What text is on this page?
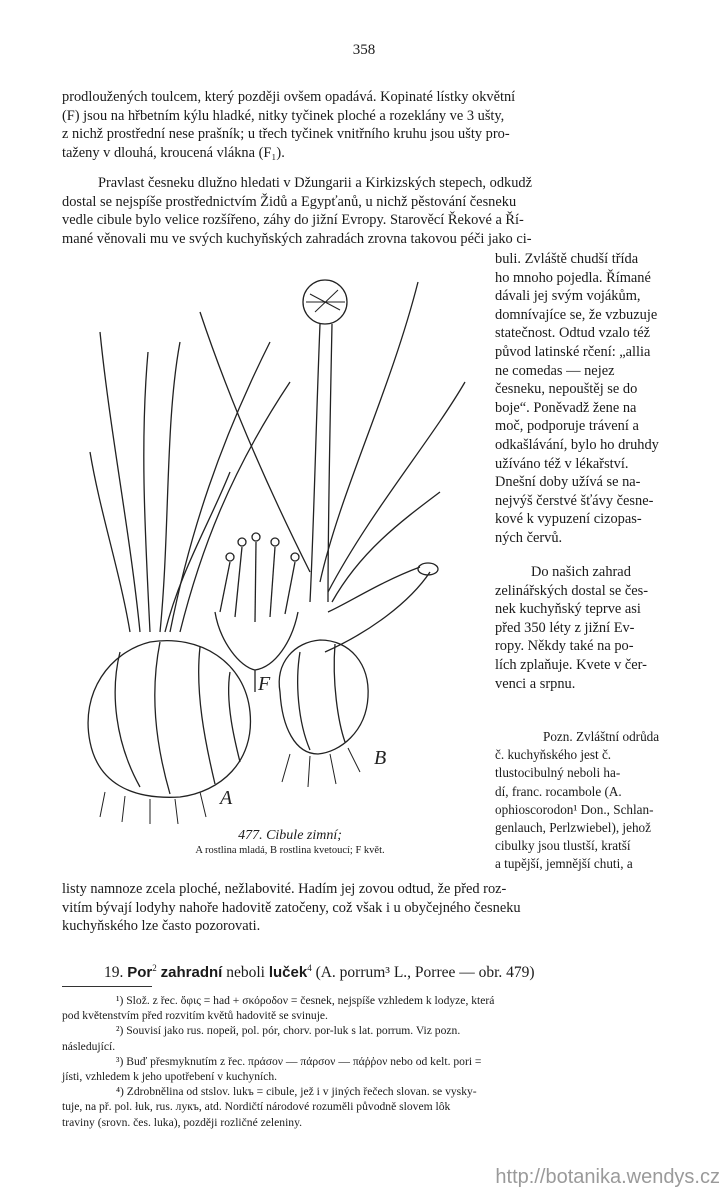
358

prodloužených toulcem, který později ovšem opadává. Kopinaté lístky okvětní

(F) jsou na hřbetním kýlu hladké, nitky tyčinek ploché a rozeklány ve 3 ušty,

z nichž prostřední nese prašník; u třech tyčinek vnitřního kruhu jsou ušty pro-

taženy v dlouhá, kroucená vlákna (F₁).

Pravlast česneku dlužno hledati v Džungarii a Kirkizských stepech, odkudž

dostal se nejspíše prostřednictvím Židů a Egypťanů, u nichž pěstování česneku

vedle cibule bylo velice rozšířeno, záhy do jižní Evropy. Starověcí Řekové a Ří-

mané věnovali mu ve svých kuchyňských zahradách zrovna takovou péči jako ci-

buli. Zvláště chudší třída

ho mnoho pojedla. Římané

dávali jej svým vojákům,

domnívajíce se, že vzbuzuje

statečnost. Odtud vzalo též

původ latinské rčení: „allia

ne comedas — nejez

česneku, nepouštěj se do

boje“. Poněvadž žene na

moč, podporuje trávení a

odkašlávání, bylo ho druhdy

užíváno též v lékařství.

Dnešní doby užívá se na-

nejvýš čerstvé šťávy česne-

kové k vypuzení cizopas-

ných červů.

Do našich zahrad

zelinářských dostal se čes-

nek kuchyňský teprve asi

před 350 léty z jižní Ev-

ropy. Někdy také na po-

lích zplaňuje. Kvete v čer-

venci a srpnu.

Pozn. Zvláštní odrůda

č. kuchyňského jest č.

tlustocibulný neboli ha-

dí, franc. rocambole (A.

ophioscorodon¹ Don., Schlan-

genlauch, Perlzwiebel), jehož

cibulky jsou tlustší, kratší

a tupější, jemnější chuti, a

A
B
F
477. Cibule zimní;
A rostlina mladá, B rostlina kvetoucí; F květ.

listy namnoze zcela ploché, nežlabovité. Hadím jej zovou odtud, že před roz-

vitím bývají lodyhy nahoře hadovitě zatočeny, což však i u obyčejného česneku

kuchyňského lze často pozorovati.

19. Por$^2$ zahradní neboli luček$^4$ (A. porrum³ L., Porree — obr. 479)

¹) Slož. z řec. ὄφις = had + σκόροδον = česnek, nejspíše vzhledem k lodyze, která

pod květenstvím před rozvitím květů hadovitě se svinuje.

²) Souvisí jako rus. порей, pol. pór, chorv. por-luk s lat. porrum. Viz pozn.

následující.

³) Buď přesmyknutím z řec. πράσον — πάρσον — πάῤῥον nebo od kelt. pori =

jísti, vzhledem k jeho upotřebení v kuchyních.

⁴) Zdrobnělina od stslov. lukъ = cibule, jež i v jiných řečech slovan. se vysky-

tuje, na př. pol. łuk, rus. лукъ, atd. Nordičtí národové rozuměli původně slovem lôk

traviny (srovn. čes. luka), později rozličné zeleniny.

http://botanika.wendys.cz
